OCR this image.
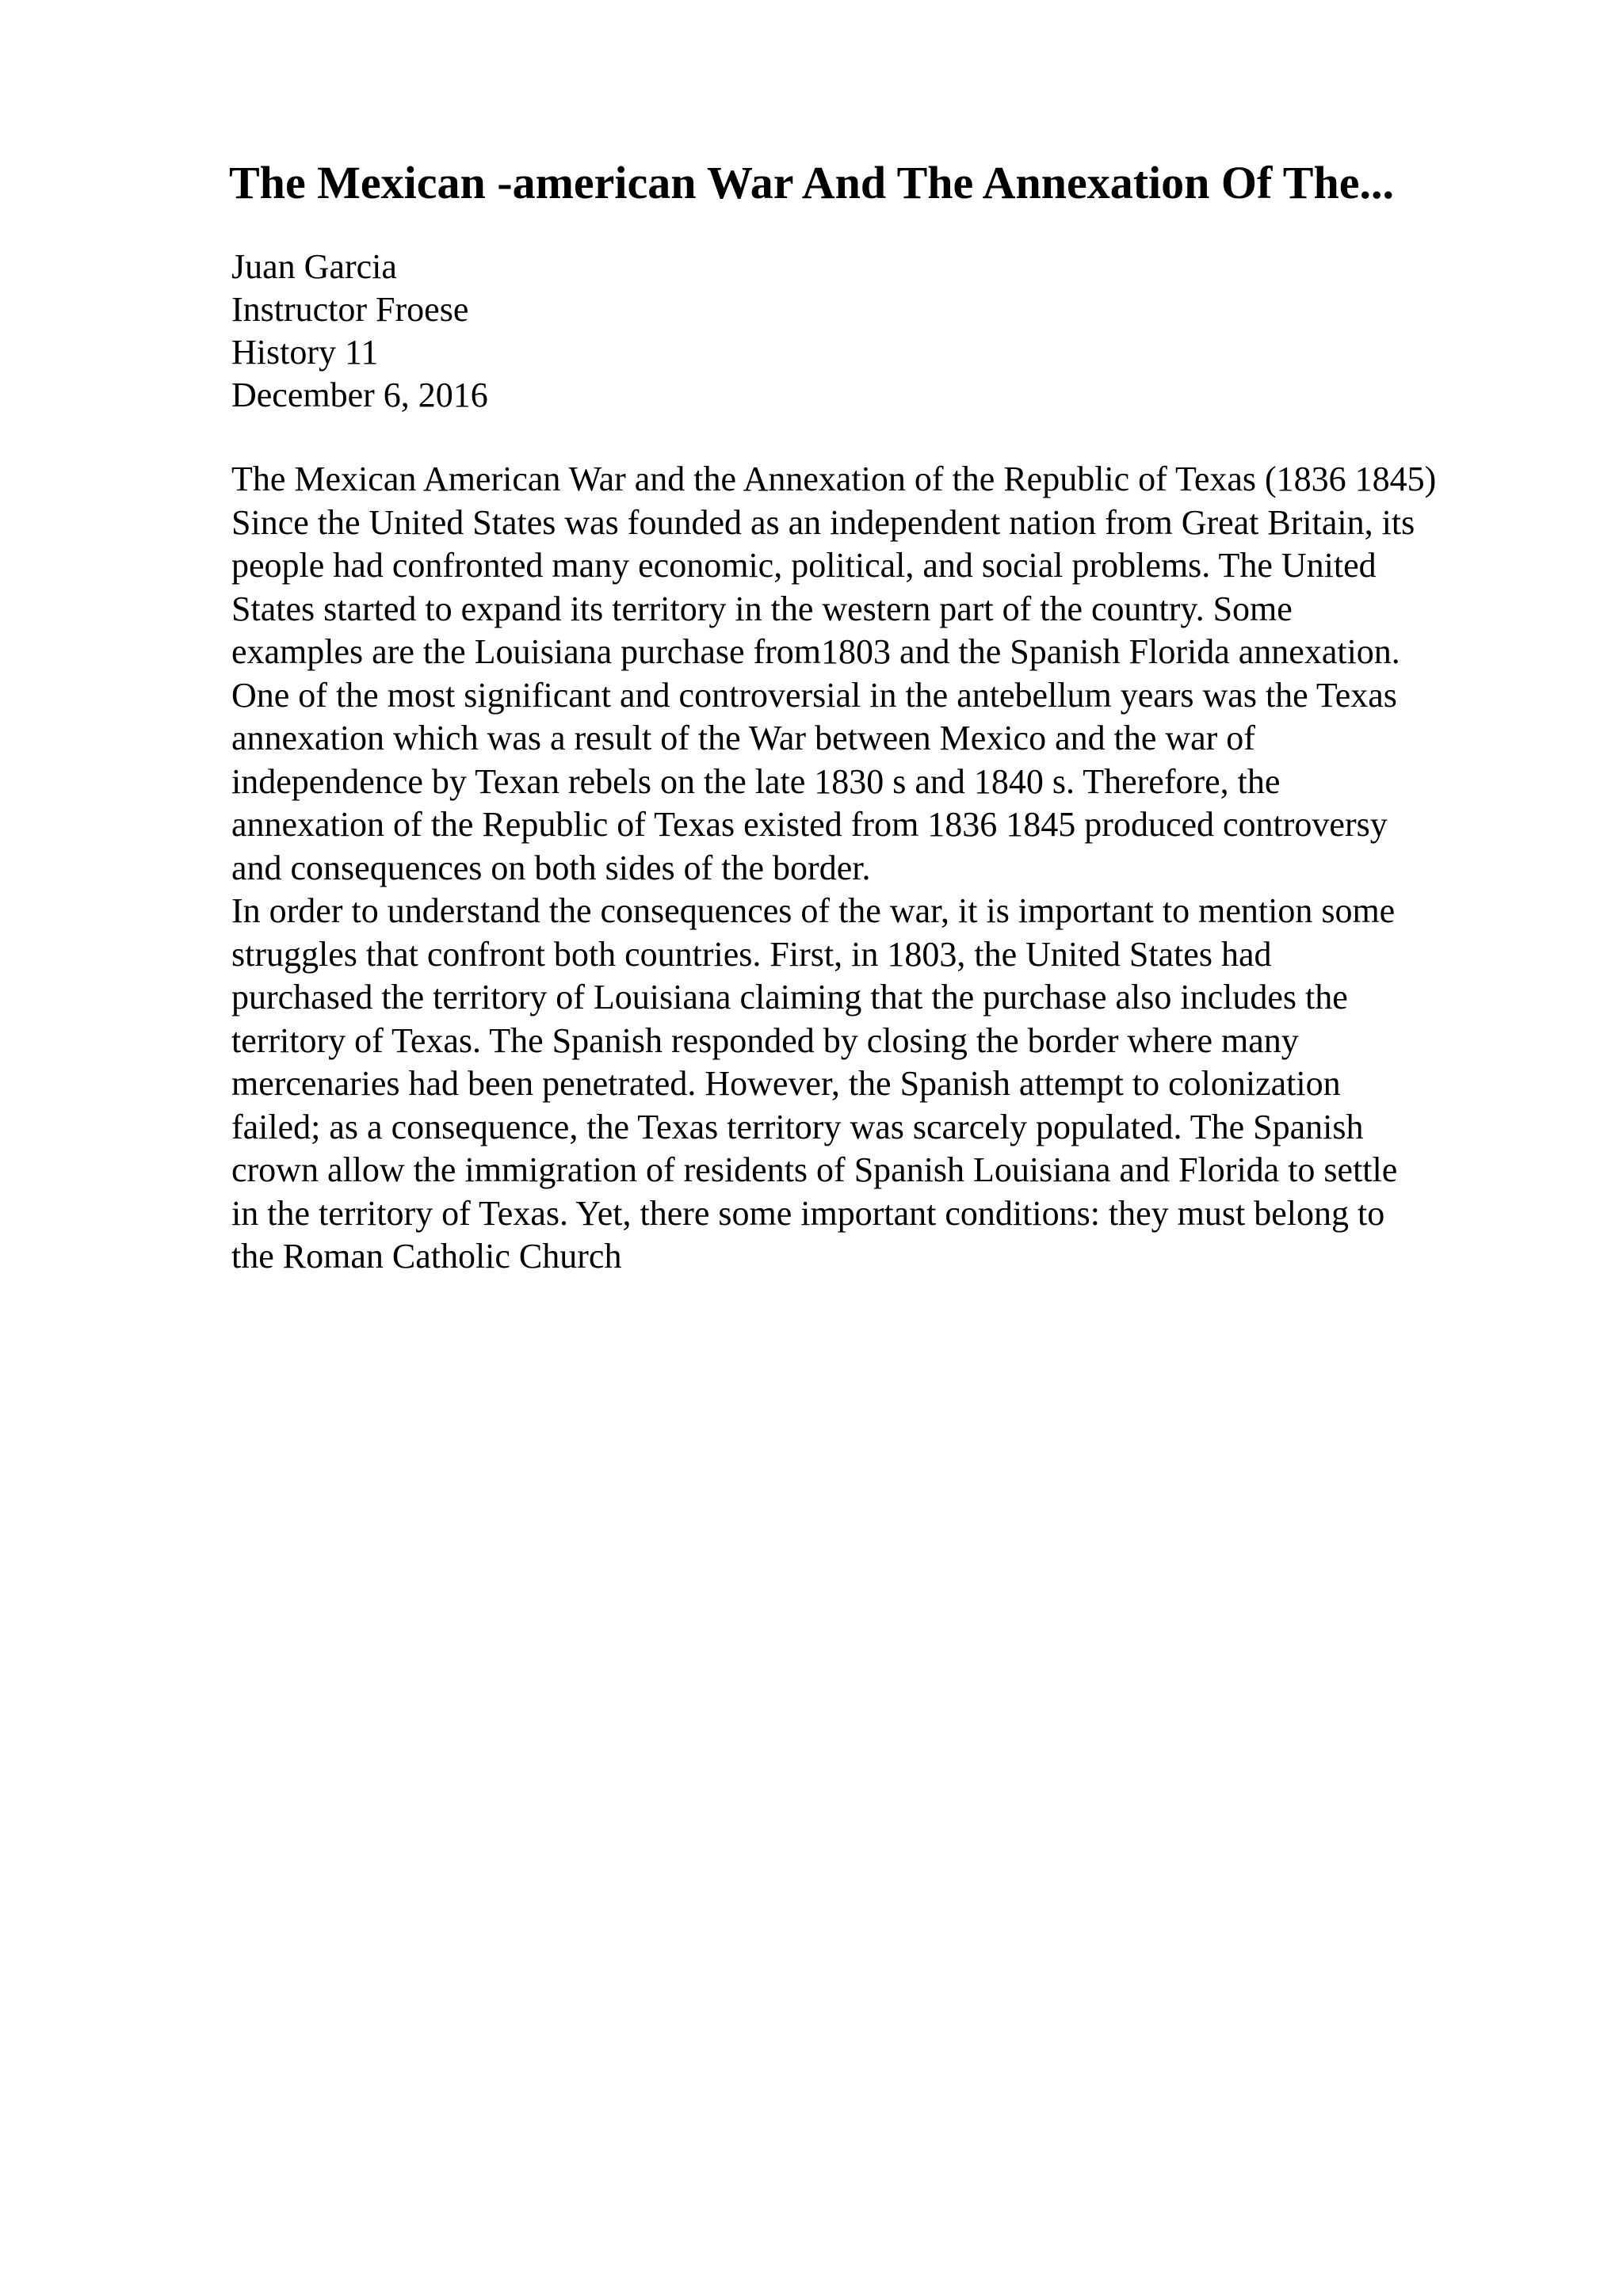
The Mexican -american War And The Annexation Of The...
Juan Garcia
Instructor Froese
History 11
December 6, 2016
The Mexican American War and the Annexation of the Republic of Texas (1836 1845)
Since the United States was founded as an independent nation from Great Britain, its
people had confronted many economic, political, and social problems. The United
States started to expand its territory in the western part of the country. Some
examples are the Louisiana purchase from1803 and the Spanish Florida annexation.
One of the most significant and controversial in the antebellum years was the Texas
annexation which was a result of the War between Mexico and the war of
independence by Texan rebels on the late 1830 s and 1840 s. Therefore, the
annexation of the Republic of Texas existed from 1836 1845 produced controversy
and consequences on both sides of the border.
In order to understand the consequences of the war, it is important to mention some
struggles that confront both countries. First, in 1803, the United States had
purchased the territory of Louisiana claiming that the purchase also includes the
territory of Texas. The Spanish responded by closing the border where many
mercenaries had been penetrated. However, the Spanish attempt to colonization
failed; as a consequence, the Texas territory was scarcely populated. The Spanish
crown allow the immigration of residents of Spanish Louisiana and Florida to settle
in the territory of Texas. Yet, there some important conditions: they must belong to
the Roman Catholic Church
